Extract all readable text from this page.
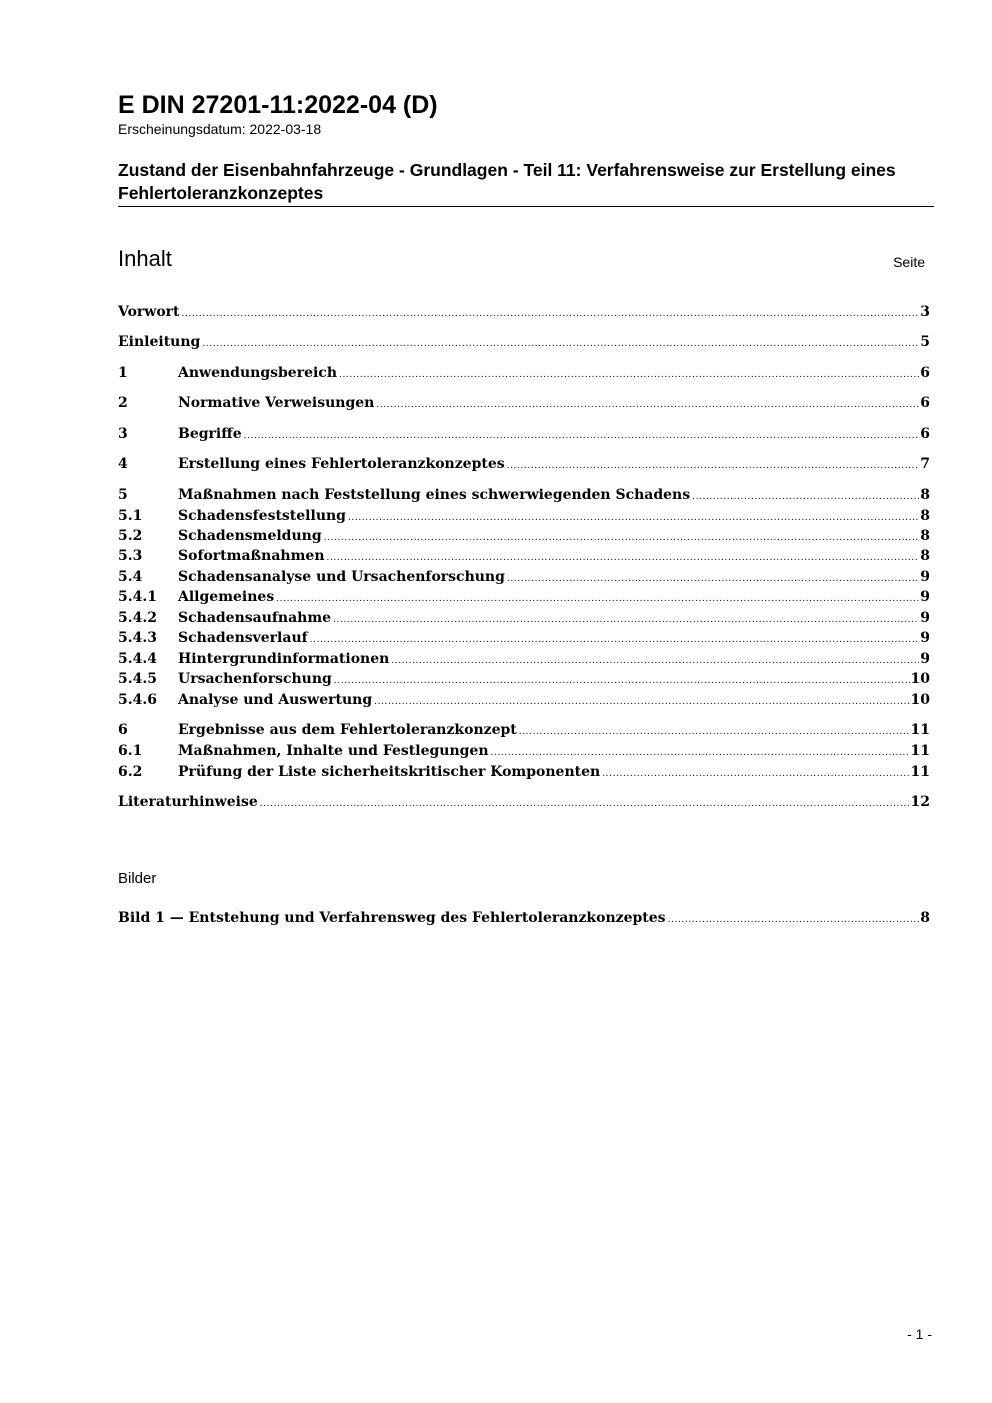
E DIN 27201-11:2022-04 (D)
Erscheinungsdatum: 2022-03-18
Zustand der Eisenbahnfahrzeuge - Grundlagen - Teil 11: Verfahrensweise zur Erstellung eines Fehlertoleranzkonzeptes
Inhalt	Seite
Vorwort .....	3
Einleitung .....	5
1	Anwendungsbereich .....	6
2	Normative Verweisungen .....	6
3	Begriffe .....	6
4	Erstellung eines Fehlertoleranzkonzeptes .....	7
5	Maßnahmen nach Feststellung eines schwerwiegenden Schadens .....	8
5.1	Schadensfeststellung .....	8
5.2	Schadensmeldung .....	8
5.3	Sofortmaßnahmen .....	8
5.4	Schadensanalyse und Ursachenforschung .....	9
5.4.1 Allgemeines .....	9
5.4.2 Schadensaufnahme .....	9
5.4.3 Schadensverlauf .....	9
5.4.4 Hintergrundinformationen .....	9
5.4.5 Ursachenforschung .....	10
5.4.6 Analyse und Auswertung .....	10
6	Ergebnisse aus dem Fehlertoleranzkonzept .....	11
6.1	Maßnahmen, Inhalte und Festlegungen .....	11
6.2	Prüfung der Liste sicherheitskritischer Komponenten .....	11
Literaturhinweise .....	12
Bilder
Bild 1 — Entstehung und Verfahrensweg des Fehlertoleranzkonzeptes .....	8
- 1 -
